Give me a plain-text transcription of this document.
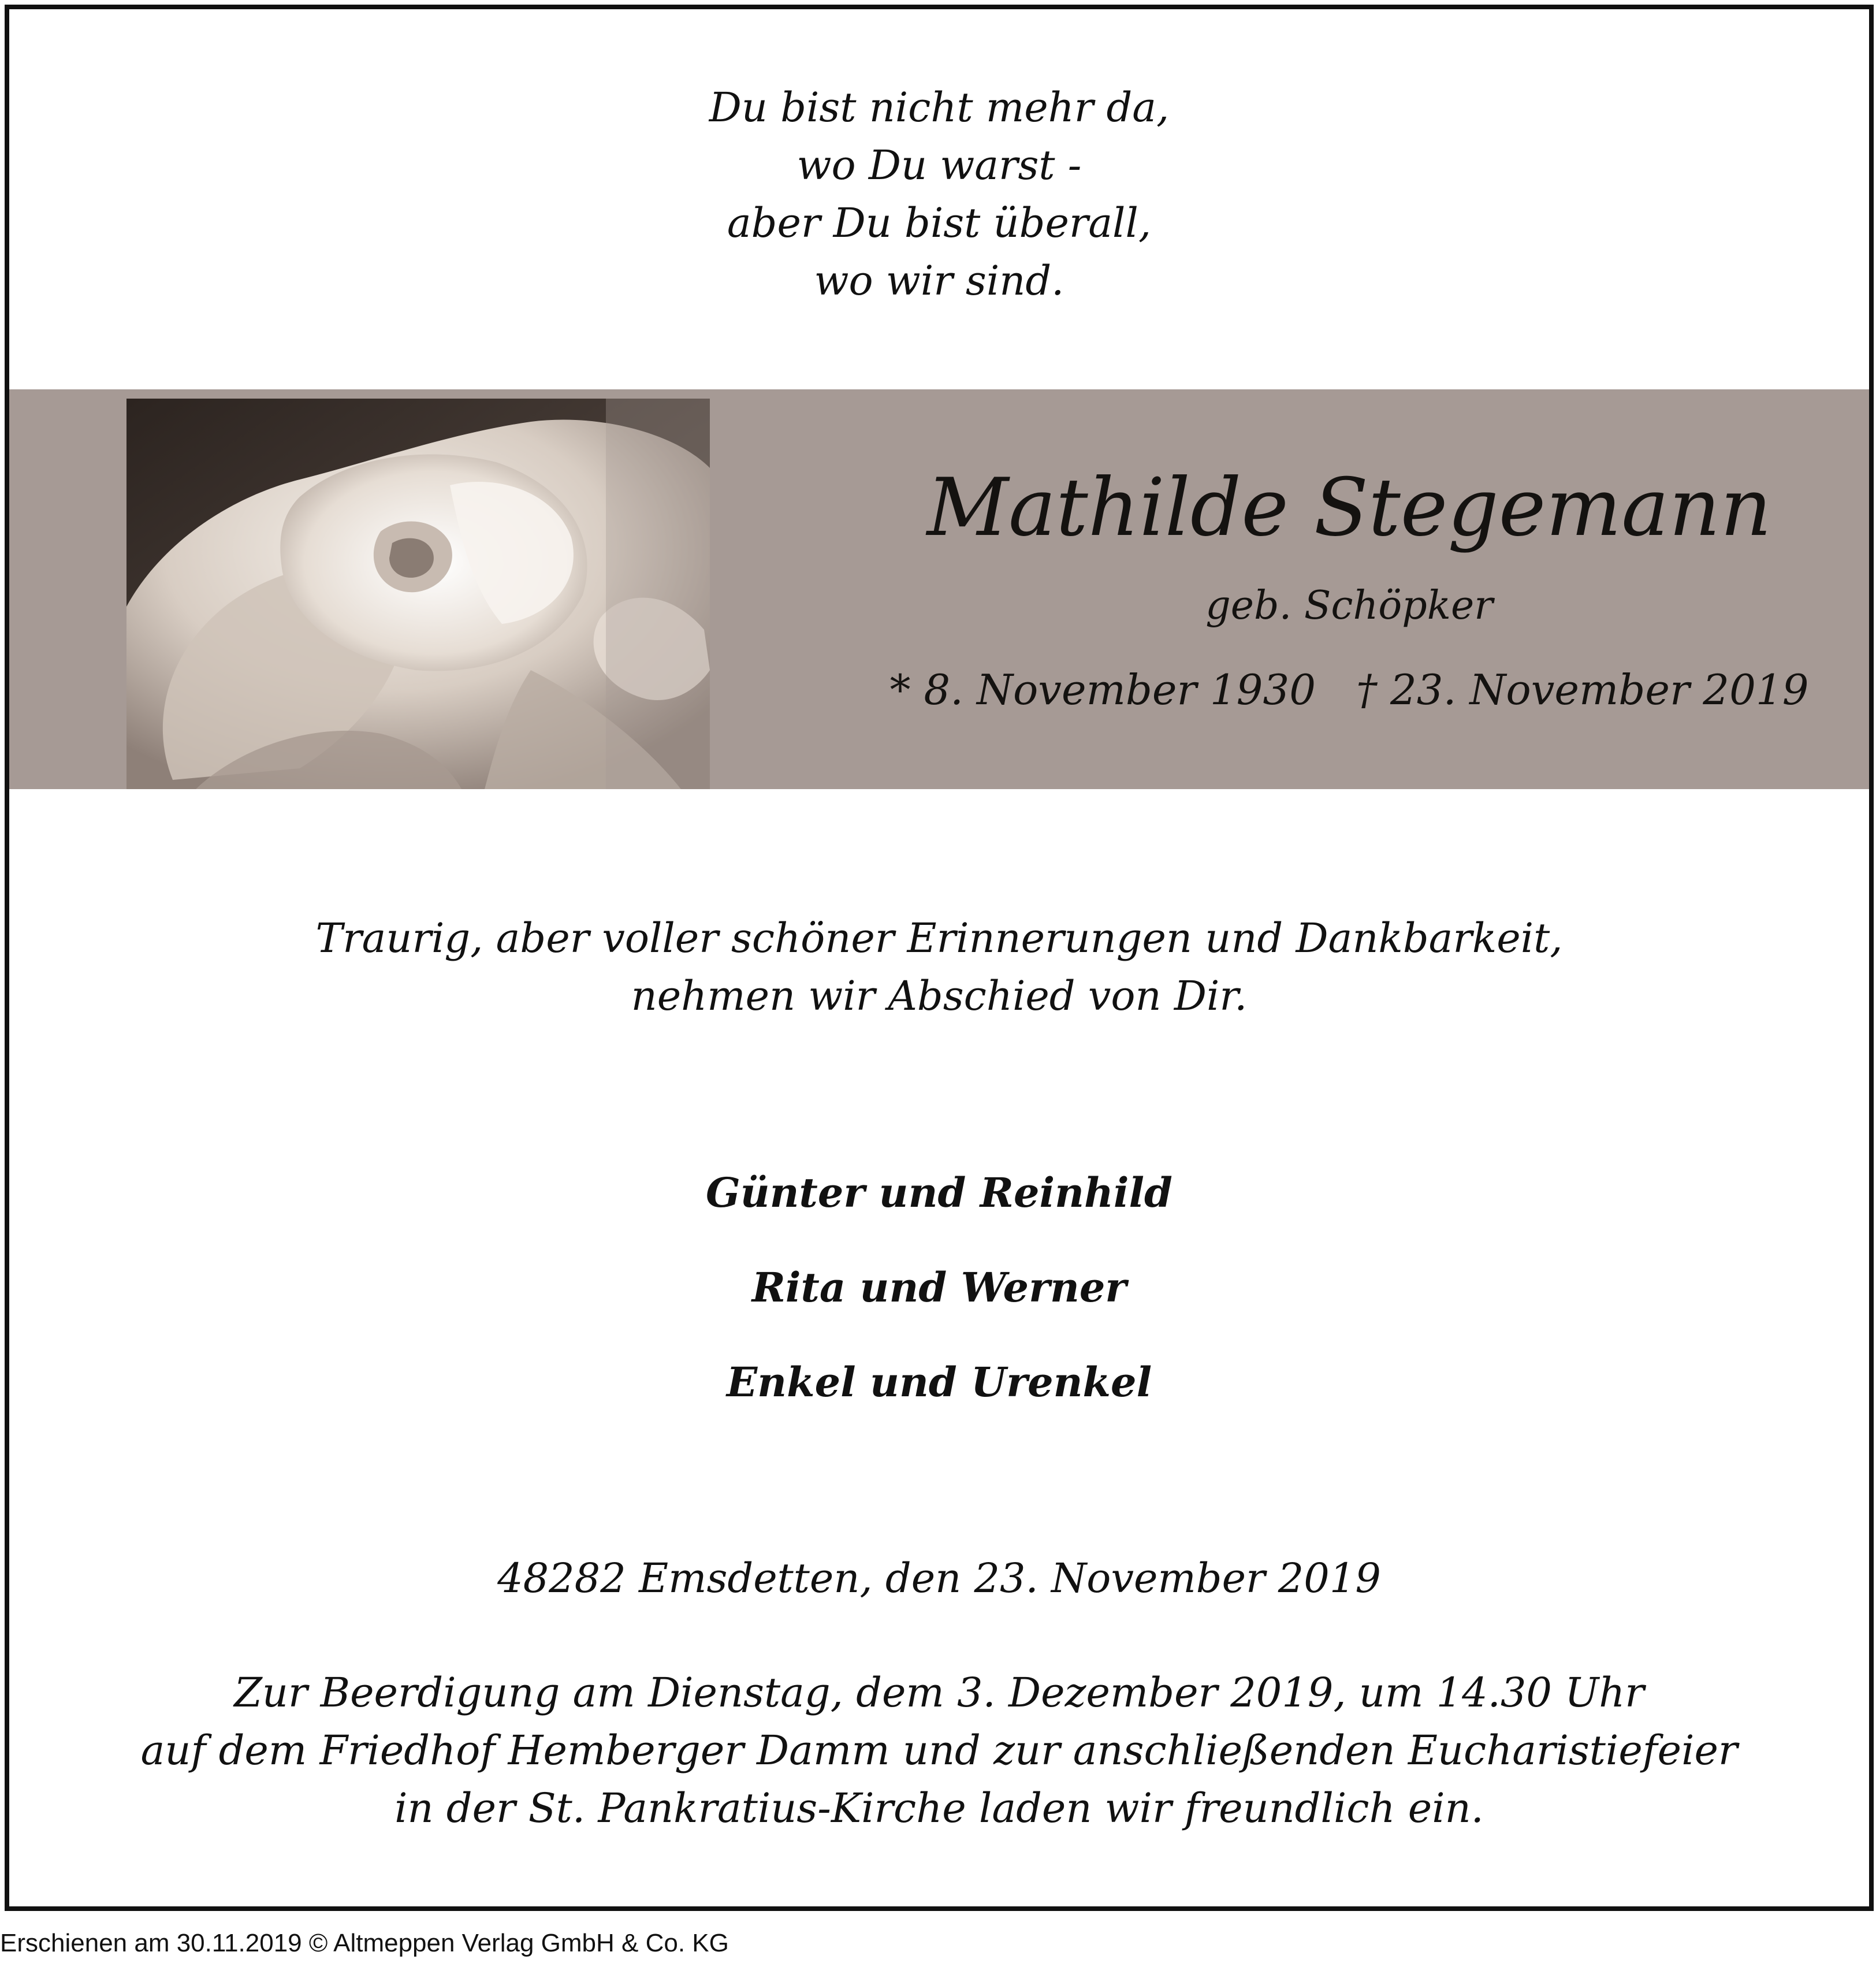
Du bist nicht mehr da,
wo Du warst -
aber Du bist überall,
wo wir sind.
Mathilde Stegemann
geb. Schöpker
* 8. November 1930 † 23. November 2019
Traurig, aber voller schöner Erinnerungen und Dankbarkeit,
nehmen wir Abschied von Dir.
Günter und Reinhild
Rita und Werner
Enkel und Urenkel
48282 Emsdetten, den 23. November 2019
Zur Beerdigung am Dienstag, dem 3. Dezember 2019, um 14.30 Uhr
auf dem Friedhof Hemberger Damm und zur anschließenden Eucharistiefeier
in der St. Pankratius-Kirche laden wir freundlich ein.
Erschienen am 30.11.2019 © Altmeppen Verlag GmbH & Co. KG
